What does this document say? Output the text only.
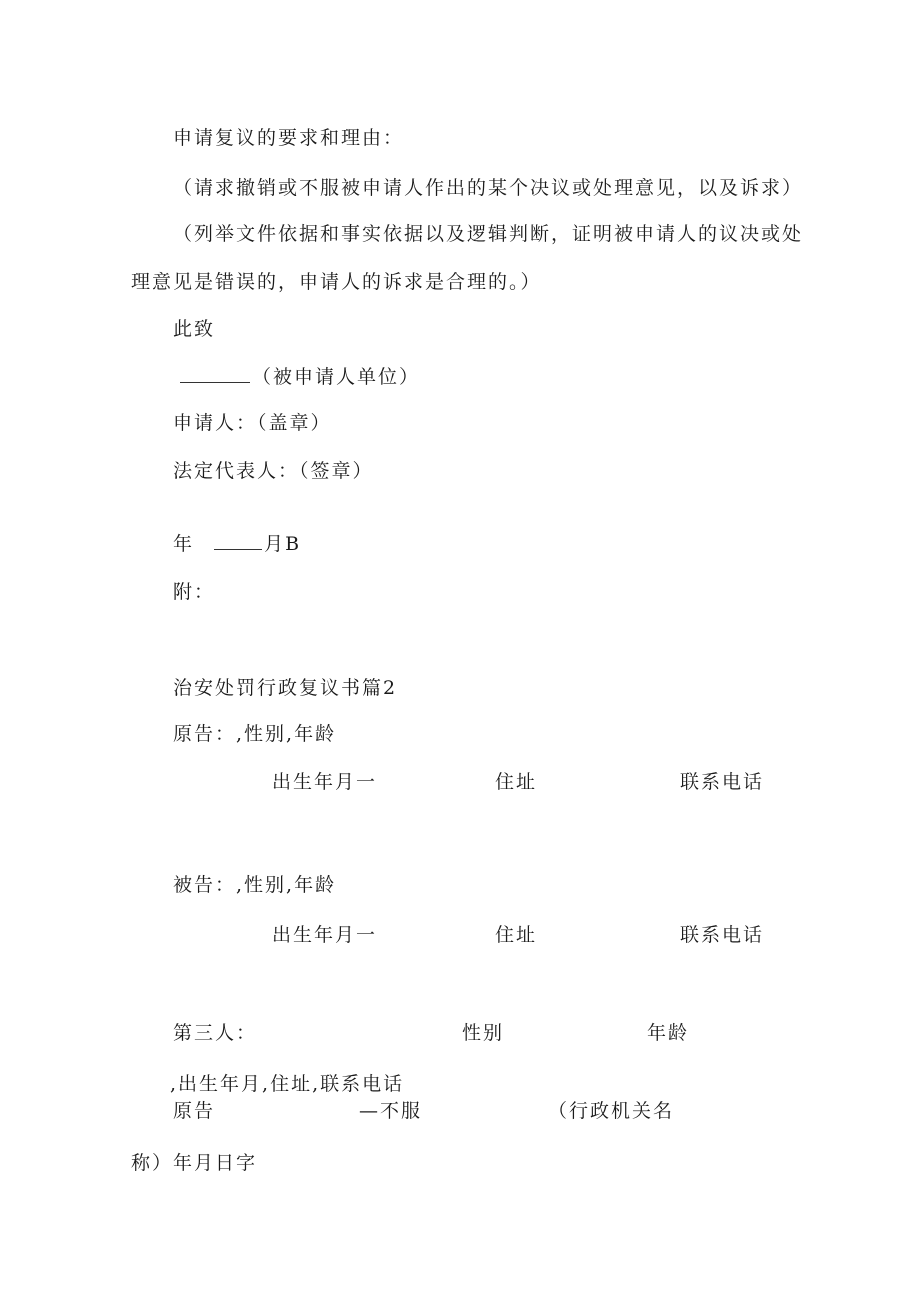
申请复议的要求和理由：
（请求撤销或不服被申请人作出的某个决议或处理意见，以及诉求）
（列举文件依据和事实依据以及逻辑判断，证明被申请人的议决或处
理意见是错误的，申请人的诉求是合理的。）
此致
（被申请人单位）
申请人：（盖章）
法定代表人：（签章）
年	月B
附：
治安处罚行政复议书篇2
原告：,性别,年龄
出生年月一	住址	联系电话
被告：,性别,年龄
出生年月一	住址	联系电话
第三人：	性别	年龄
,出生年月,住址,联系电话
原告	—不服	（行政机关名
称）年月日字
